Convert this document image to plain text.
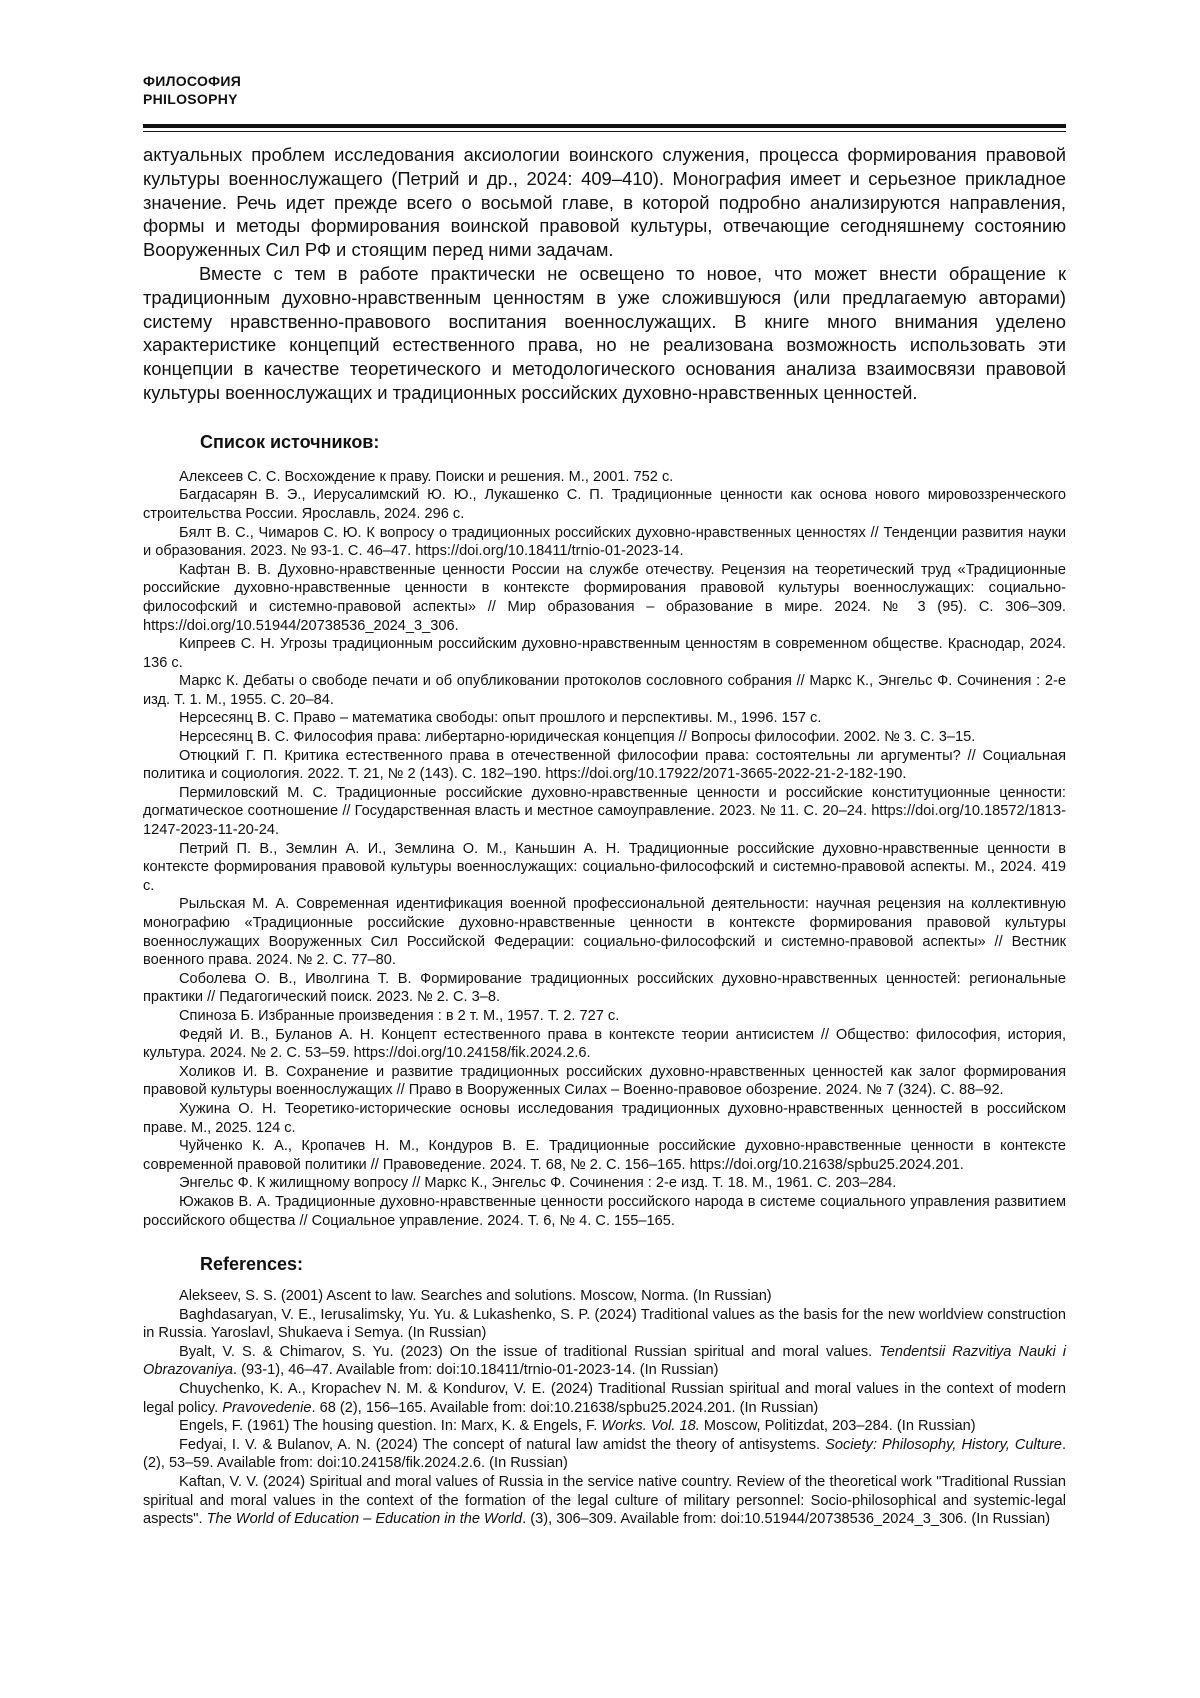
ФИЛОСОФИЯ
PHILOSOPHY

актуальных проблем исследования аксиологии воинского служения, процесса формирования правовой культуры военнослужащего (Петрий и др., 2024: 409–410). Монография имеет и серьезное прикладное значение. Речь идет прежде всего о восьмой главе, в которой подробно анализируются направления, формы и методы формирования воинской правовой культуры, отвечающие сегодняшнему состоянию Вооруженных Сил РФ и стоящим перед ними задачам.

Вместе с тем в работе практически не освещено то новое, что может внести обращение к традиционным духовно-нравственным ценностям в уже сложившуюся (или предлагаемую авторами) систему нравственно-правового воспитания военнослужащих. В книге много внимания уделено характеристике концепций естественного права, но не реализована возможность использовать эти концепции в качестве теоретического и методологического основания анализа взаимосвязи правовой культуры военнослужащих и традиционных российских духовно-нравственных ценностей.

Список источников:

Алексеев С. С. Восхождение к праву. Поиски и решения. М., 2001. 752 с.

Багдасарян В. Э., Иерусалимский Ю. Ю., Лукашенко С. П. Традиционные ценности как основа нового мировоззренческого строительства России. Ярославль, 2024. 296 с.

Бялт В. С., Чимаров С. Ю. К вопросу о традиционных российских духовно-нравственных ценностях // Тенденции развития науки и образования. 2023. № 93-1. С. 46–47. https://doi.org/10.18411/trnio-01-2023-14.

Кафтан В. В. Духовно-нравственные ценности России на службе отечеству. Рецензия на теоретический труд «Традиционные российские духовно-нравственные ценности в контексте формирования правовой культуры военнослужащих: социально-философский и системно-правовой аспекты» // Мир образования – образование в мире. 2024. № 3 (95). С. 306–309. https://doi.org/10.51944/20738536_2024_3_306.

Кипреев С. Н. Угрозы традиционным российским духовно-нравственным ценностям в современном обществе. Краснодар, 2024. 136 с.

Маркс К. Дебаты о свободе печати и об опубликовании протоколов сословного собрания // Маркс К., Энгельс Ф. Сочинения : 2-е изд. Т. 1. М., 1955. С. 20–84.

Нерсесянц В. С. Право – математика свободы: опыт прошлого и перспективы. М., 1996. 157 с.

Нерсесянц В. С. Философия права: либертарно-юридическая концепция // Вопросы философии. 2002. № 3. С. 3–15.

Отюцкий Г. П. Критика естественного права в отечественной философии права: состоятельны ли аргументы? // Социальная политика и социология. 2022. Т. 21, № 2 (143). С. 182–190. https://doi.org/10.17922/2071-3665-2022-21-2-182-190.

Пермиловский М. С. Традиционные российские духовно-нравственные ценности и российские конституционные ценности: догматическое соотношение // Государственная власть и местное самоуправление. 2023. № 11. С. 20–24. https://doi.org/10.18572/1813-1247-2023-11-20-24.

Петрий П. В., Землин А. И., Землина О. М., Каньшин А. Н. Традиционные российские духовно-нравственные ценности в контексте формирования правовой культуры военнослужащих: социально-философский и системно-правовой аспекты. М., 2024. 419 с.

Рыльская М. А. Современная идентификация военной профессиональной деятельности: научная рецензия на коллективную монографию «Традиционные российские духовно-нравственные ценности в контексте формирования правовой культуры военнослужащих Вооруженных Сил Российской Федерации: социально-философский и системно-правовой аспекты» // Вестник военного права. 2024. № 2. С. 77–80.

Соболева О. В., Иволгина Т. В. Формирование традиционных российских духовно-нравственных ценностей: региональные практики // Педагогический поиск. 2023. № 2. С. 3–8.

Спиноза Б. Избранные произведения : в 2 т. М., 1957. Т. 2. 727 с.

Федяй И. В., Буланов А. Н. Концепт естественного права в контексте теории антисистем // Общество: философия, история, культура. 2024. № 2. С. 53–59. https://doi.org/10.24158/fik.2024.2.6.

Холиков И. В. Сохранение и развитие традиционных российских духовно-нравственных ценностей как залог формирования правовой культуры военнослужащих // Право в Вооруженных Силах – Военно-правовое обозрение. 2024. № 7 (324). С. 88–92.

Хужина О. Н. Теоретико-исторические основы исследования традиционных духовно-нравственных ценностей в российском праве. М., 2025. 124 с.

Чуйченко К. А., Кропачев Н. М., Кондуров В. Е. Традиционные российские духовно-нравственные ценности в контексте современной правовой политики // Правоведение. 2024. Т. 68, № 2. С. 156–165. https://doi.org/10.21638/spbu25.2024.201.

Энгельс Ф. К жилищному вопросу // Маркс К., Энгельс Ф. Сочинения : 2-е изд. Т. 18. М., 1961. С. 203–284.

Южаков В. А. Традиционные духовно-нравственные ценности российского народа в системе социального управления развитием российского общества // Социальное управление. 2024. Т. 6, № 4. С. 155–165.

References:

Alekseev, S. S. (2001) Ascent to law. Searches and solutions. Moscow, Norma. (In Russian)

Baghdasaryan, V. E., Ierusalimsky, Yu. Yu. & Lukashenko, S. P. (2024) Traditional values as the basis for the new worldview construction in Russia. Yaroslavl, Shukaeva i Semya. (In Russian)

Byalt, V. S. & Chimarov, S. Yu. (2023) On the issue of traditional Russian spiritual and moral values. Tendentsii Razvitiya Nauki i Obrazovaniya. (93-1), 46–47. Available from: doi:10.18411/trnio-01-2023-14. (In Russian)

Chuychenko, K. A., Kropachev N. M. & Kondurov, V. E. (2024) Traditional Russian spiritual and moral values in the context of modern legal policy. Pravovedenie. 68 (2), 156–165. Available from: doi:10.21638/spbu25.2024.201. (In Russian)

Engels, F. (1961) The housing question. In: Marx, K. & Engels, F. Works. Vol. 18. Moscow, Politizdat, 203–284. (In Russian)

Fedyai, I. V. & Bulanov, A. N. (2024) The concept of natural law amidst the theory of antisystems. Society: Philosophy, History, Culture. (2), 53–59. Available from: doi:10.24158/fik.2024.2.6. (In Russian)

Kaftan, V. V. (2024) Spiritual and moral values of Russia in the service native country. Review of the theoretical work "Traditional Russian spiritual and moral values in the context of the formation of the legal culture of military personnel: Socio-philosophical and systemic-legal aspects". The World of Education – Education in the World. (3), 306–309. Available from: doi:10.51944/20738536_2024_3_306. (In Russian)
